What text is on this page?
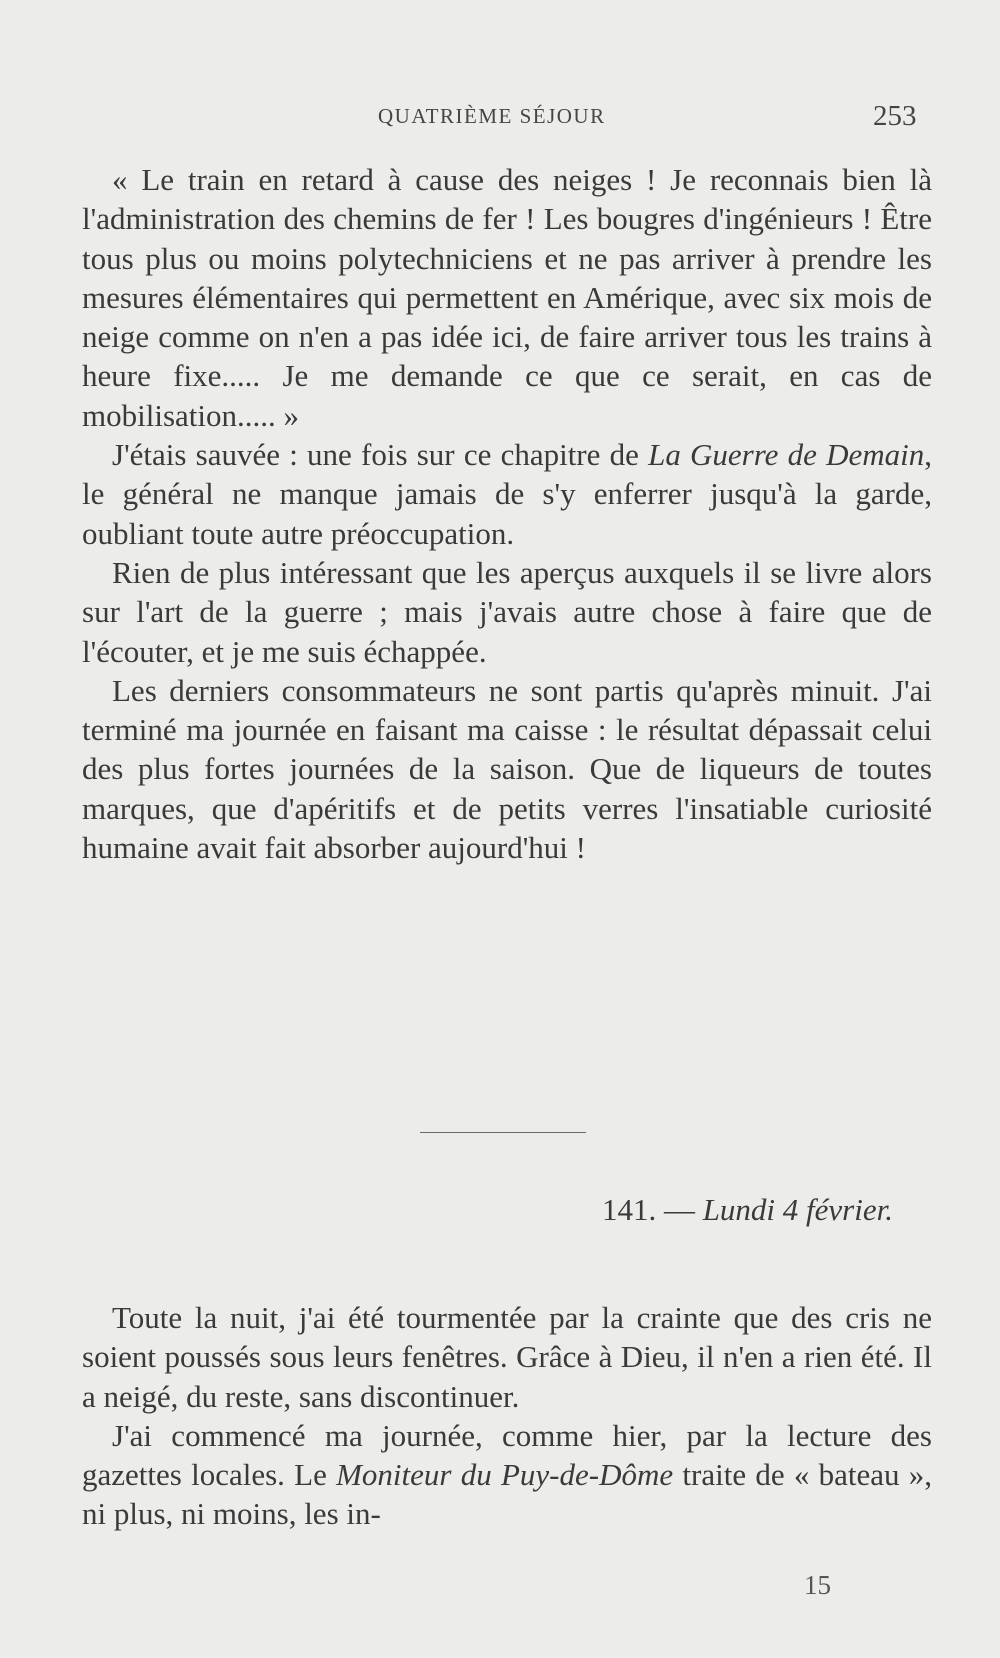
QUATRIÈME SÉJOUR	253

« Le train en retard à cause des neiges ! Je reconnais bien là l'administration des chemins de fer ! Les bougres d'ingénieurs ! Être tous plus ou moins polytechniciens et ne pas arriver à prendre les mesures élémentaires qui permettent en Amérique, avec six mois de neige comme on n'en a pas idée ici, de faire arriver tous les trains à heure fixe..... Je me demande ce que ce serait, en cas de mobilisation..... »

J'étais sauvée : une fois sur ce chapitre de La Guerre de Demain, le général ne manque jamais de s'y enferrer jusqu'à la garde, oubliant toute autre préoccupation.

Rien de plus intéressant que les aperçus auxquels il se livre alors sur l'art de la guerre ; mais j'avais autre chose à faire que de l'écouter, et je me suis échappée.

Les derniers consommateurs ne sont partis qu'après minuit. J'ai terminé ma journée en faisant ma caisse : le résultat dépassait celui des plus fortes journées de la saison. Que de liqueurs de toutes marques, que d'apéritifs et de petits verres l'insatiable curiosité humaine avait fait absorber aujourd'hui !

141. — Lundi 4 février.

Toute la nuit, j'ai été tourmentée par la crainte que des cris ne soient poussés sous leurs fenêtres. Grâce à Dieu, il n'en a rien été. Il a neigé, du reste, sans discontinuer.

J'ai commencé ma journée, comme hier, par la lecture des gazettes locales. Le Moniteur du Puy-de-Dôme traite de « bateau », ni plus, ni moins, les in-

15
